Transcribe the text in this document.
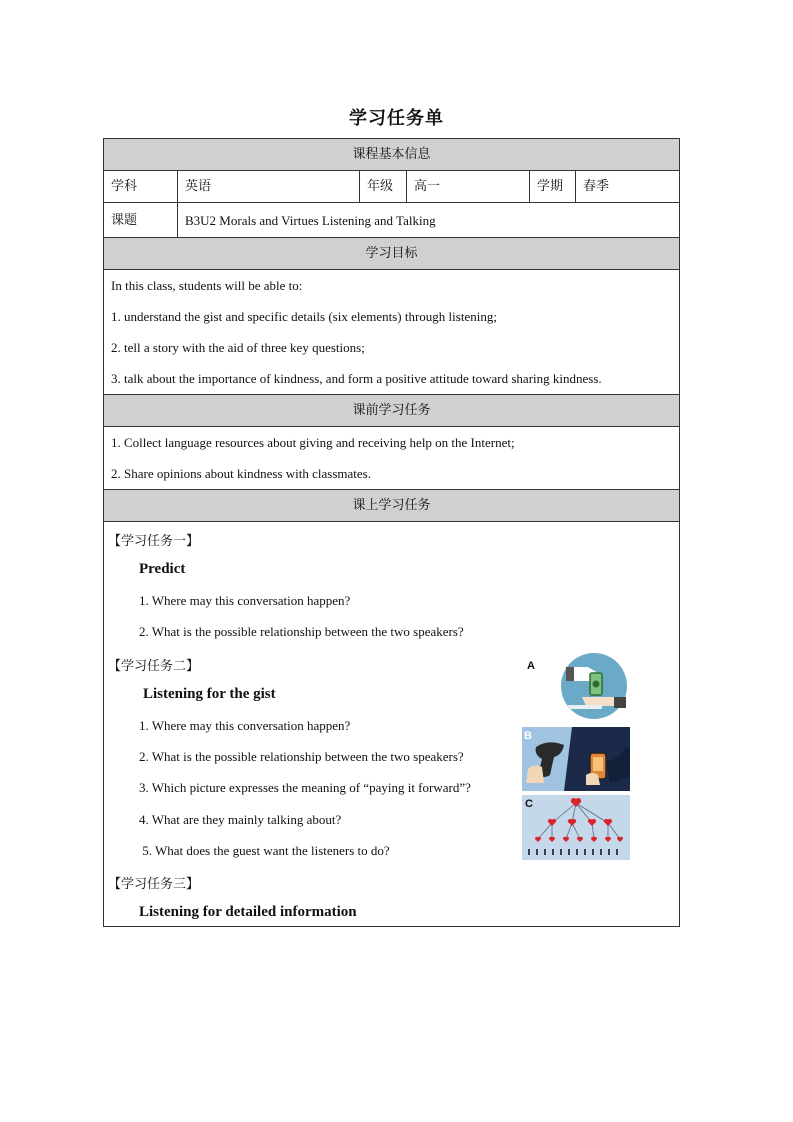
学习任务单
课程基本信息
学科	英语	年级	高一	学期	春季
课题	B3U2 Morals and Virtues Listening and Talking
学习目标

In this class, students will be able to:

1. understand the gist and specific details (six elements) through listening;

2. tell a story with the aid of three key questions;

3. talk about the importance of kindness, and form a positive attitude toward sharing kindness.

课前学习任务

1. Collect language resources about giving and receiving help on the Internet;

2. Share opinions about kindness with classmates.

课上学习任务
【学习任务一】
Predict
1. Where may this conversation happen?
2. What is the possible relationship between the two speakers?
【学习任务二】
Listening for the gist
1. Where may this conversation happen?
2. What is the possible relationship between the two speakers?
3. Which picture expresses the meaning of “paying it forward”?
4. What are they mainly talking about?
5. What does the guest want the listeners to do?
【学习任务三】
Listening for detailed information
A
B
C
